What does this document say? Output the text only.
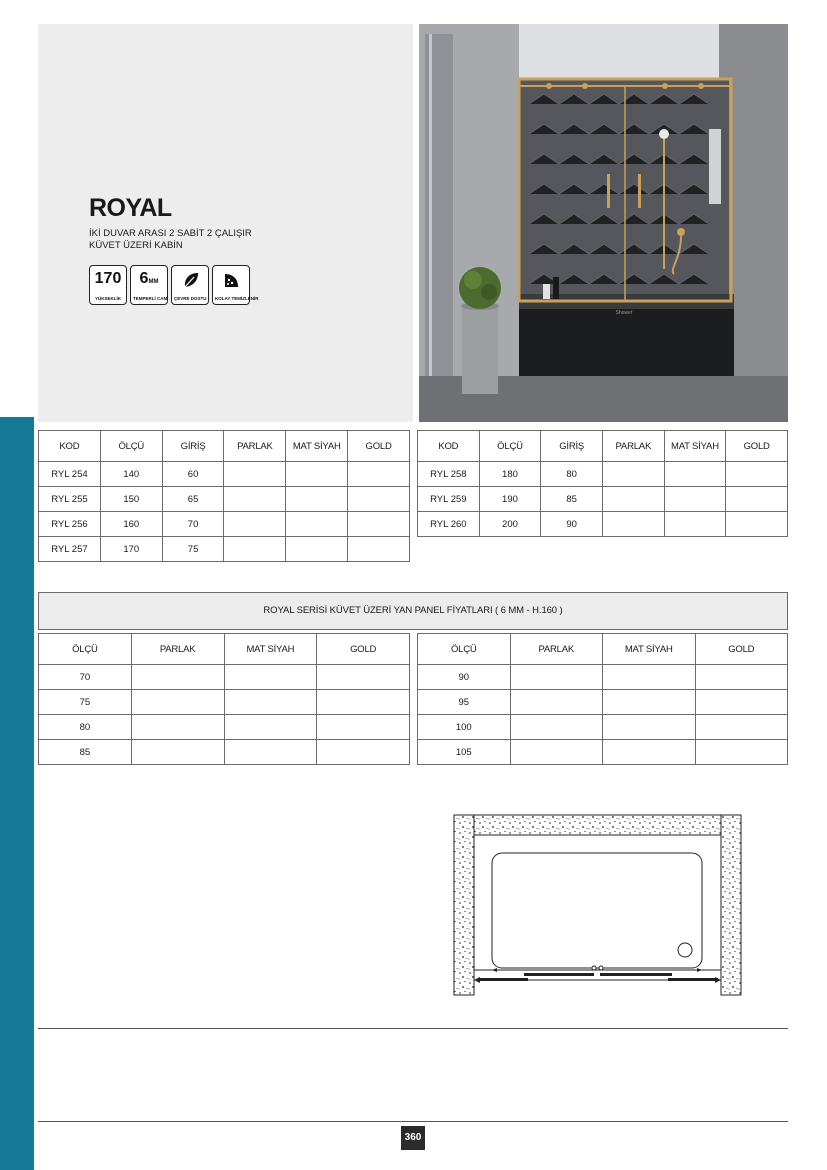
ROYAL
İKİ DUVAR ARASI 2 SABİT 2 ÇALIŞIR
KÜVET ÜZERİ KABİN
170
YÜKSEKLİK
6MM
TEMPERLİ CAM ÇEVRE DOSTU KOLAY TEMİZLENİR
Shower
KOD	ÖLÇÜ	GİRİŞ	PARLAK	MAT SİYAH	GOLD
RYL 254	140	60			
RYL 255	150	65			
RYL 256	160	70			
RYL 257	170	75			
KOD	ÖLÇÜ	GİRİŞ	PARLAK	MAT SİYAH	GOLD
RYL 258	180	80			
RYL 259	190	85			
RYL 260	200	90			
ROYAL SERİSİ KÜVET ÜZERİ YAN PANEL FİYATLARI ( 6 MM - H.160 )
ÖLÇÜ	PARLAK	MAT SİYAH	GOLD
70			
75			
80			
85			
ÖLÇÜ	PARLAK	MAT SİYAH	GOLD
90			
95			
100			
105			
360
